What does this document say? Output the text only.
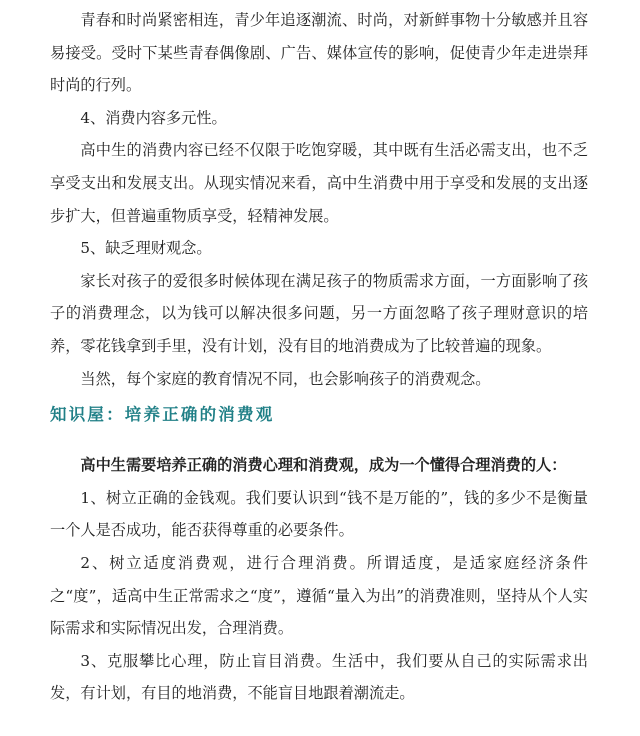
青春和时尚紧密相连，青少年追逐潮流、时尚，对新鲜事物十分敏感并且容易接受。受时下某些青春偶像剧、广告、媒体宣传的影响，促使青少年走进崇拜时尚的行列。

4、消费内容多元性。

高中生的消费内容已经不仅限于吃饱穿暖，其中既有生活必需支出，也不乏享受支出和发展支出。从现实情况来看，高中生消费中用于享受和发展的支出逐步扩大，但普遍重物质享受，轻精神发展。

5、缺乏理财观念。

家长对孩子的爱很多时候体现在满足孩子的物质需求方面，一方面影响了孩子的消费理念，以为钱可以解决很多问题，另一方面忽略了孩子理财意识的培养，零花钱拿到手里，没有计划，没有目的地消费成为了比较普遍的现象。

当然，每个家庭的教育情况不同，也会影响孩子的消费观念。

知识屋：培养正确的消费观

高中生需要培养正确的消费心理和消费观，成为一个懂得合理消费的人：

1、树立正确的金钱观。我们要认识到“钱不是万能的”，钱的多少不是衡量一个人是否成功，能否获得尊重的必要条件。

2、树立适度消费观，进行合理消费。所谓适度，是适家庭经济条件之“度”，适高中生正常需求之“度”，遵循“量入为出”的消费准则，坚持从个人实际需求和实际情况出发，合理消费。

3、克服攀比心理，防止盲目消费。生活中，我们要从自己的实际需求出发，有计划，有目的地消费，不能盲目地跟着潮流走。
